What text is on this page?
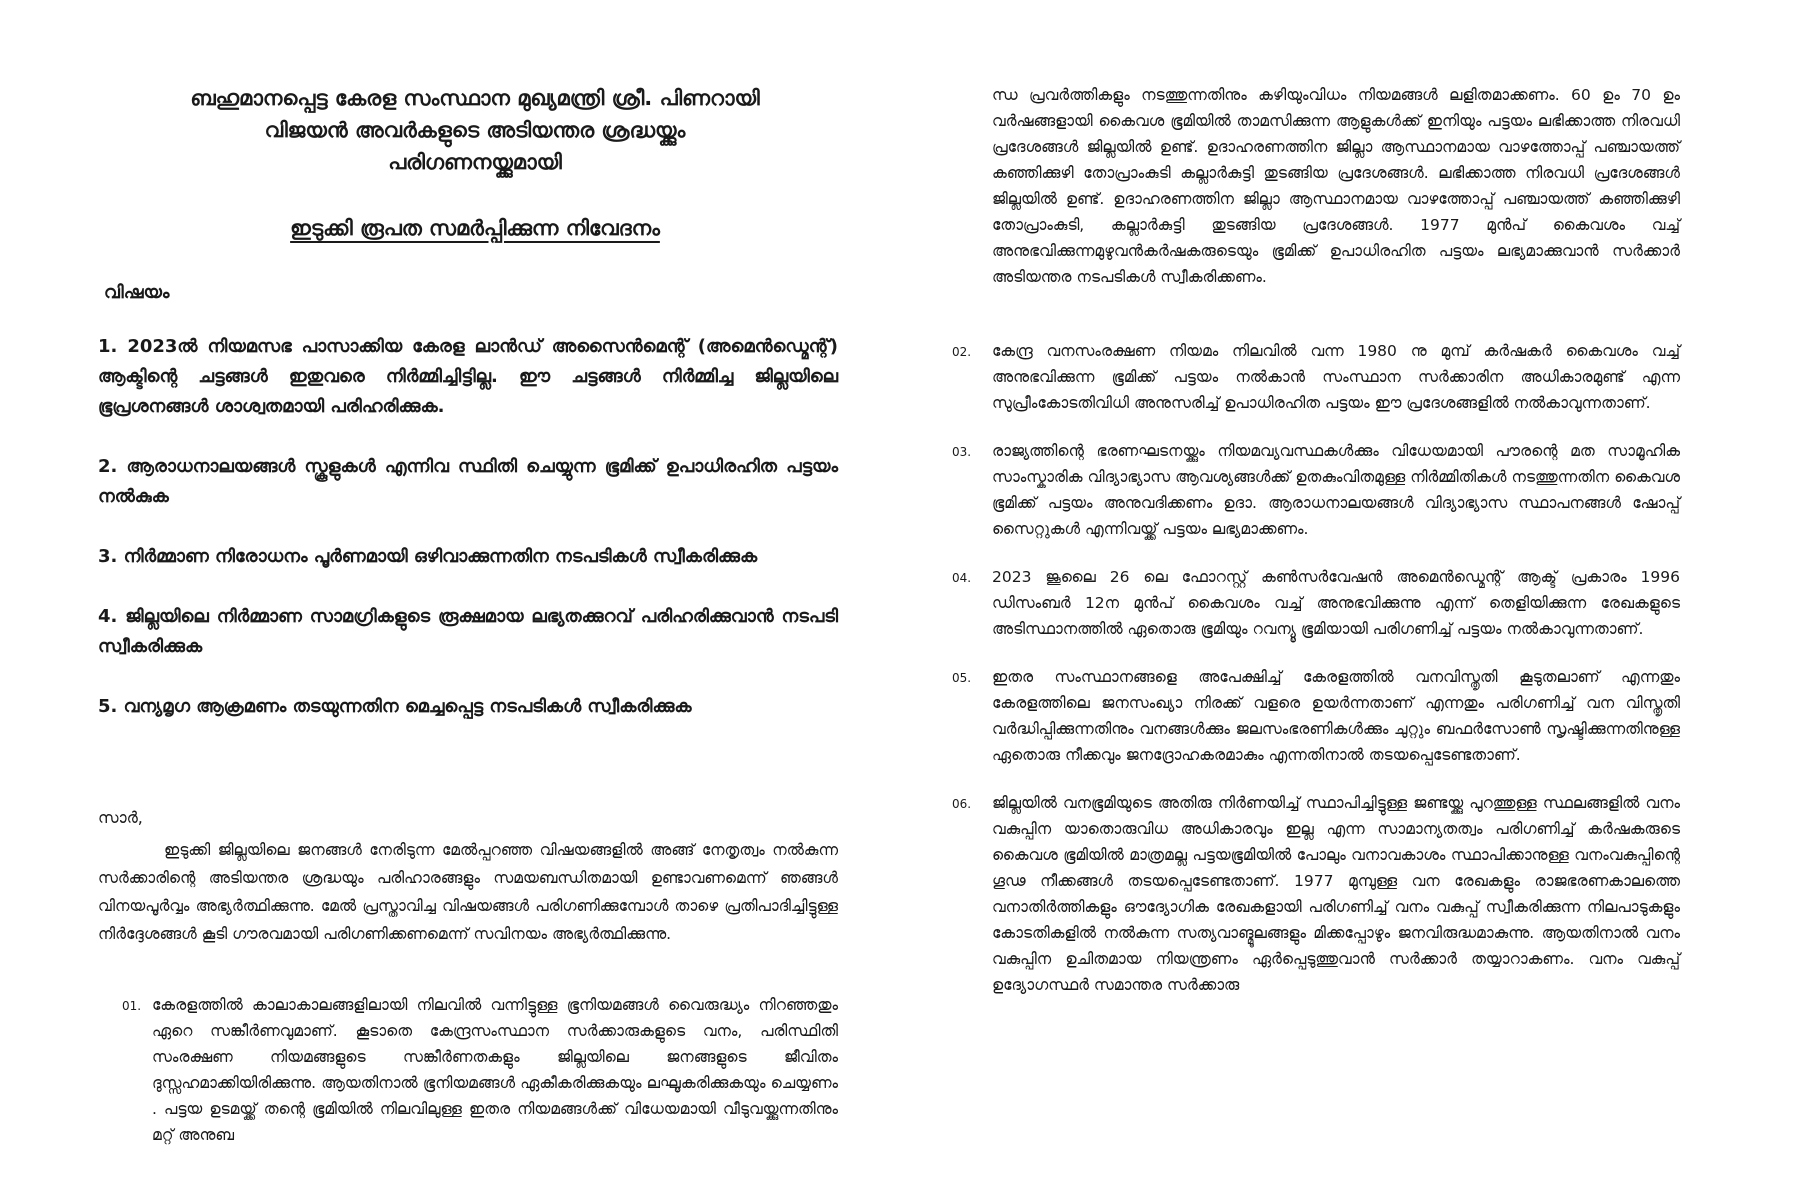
ബഹുമാനപ്പെട്ട കേരള സംസ്ഥാന മുഖ്യമന്ത്രി ശ്രീ. പിണറായി
വിജയൻ അവർകളുടെ അടിയന്തര ശ്രദ്ധയ്ക്കും
പരിഗണനയ്ക്കുമായി
ഇടുക്കി രൂപത സമർപ്പിക്കുന്ന നിവേദനം
വിഷയം
1. 2023ൽ നിയമസഭ പാസാക്കിയ കേരള ലാൻഡ് അസൈൻമെന്റ് (അമെൻഡ്മെന്റ്) ആക്ടിന്റെ ചട്ടങ്ങൾ ഇതുവരെ നിർമ്മിച്ചിട്ടില്ല. ഈ ചട്ടങ്ങൾ നിർമ്മിച്ച ജില്ലയിലെ ഭൂപ്രശനങ്ങൾ ശാശ്വതമായി പരിഹരിക്കുക.
2. ആരാധനാലയങ്ങൾ സ്കൂളുകൾ എന്നിവ സ്ഥിതി ചെയ്യുന്ന ഭൂമിക്ക് ഉപാധിരഹിത പട്ടയം നൽകുക
3. നിർമ്മാണ നിരോധനം പൂർണമായി ഒഴിവാക്കുന്നതിന നടപടികൾ സ്വീകരിക്കുക
4. ജില്ലയിലെ നിർമ്മാണ സാമഗ്രികളുടെ രൂക്ഷമായ ലഭ്യതക്കുറവ് പരിഹരിക്കുവാൻ നടപടി സ്വീകരിക്കുക
5. വന്യമൃഗ ആക്രമണം തടയുന്നതിന മെച്ചപ്പെട്ട നടപടികൾ സ്വീകരിക്കുക
സാർ,
ഇടുക്കി ജില്ലയിലെ ജനങ്ങൾ നേരിടുന്ന മേൽപ്പറഞ്ഞ വിഷയങ്ങളിൽ അങ്ങ് നേതൃത്വം നൽകുന്ന സർക്കാരിന്റെ അടിയന്തര ശ്രദ്ധയും പരിഹാരങ്ങളും സമയബന്ധിതമായി ഉണ്ടാവണമെന്ന് ഞങ്ങൾ വിനയപൂർവ്വം അഭ്യർത്ഥിക്കുന്നു. മേൽ പ്രസ്താവിച്ച വിഷയങ്ങൾ പരിഗണിക്കുമ്പോൾ താഴെ പ്രതിപാദിച്ചിട്ടുള്ള നിർദ്ദേശങ്ങൾ കൂടി ഗൗരവമായി പരിഗണിക്കണമെന്ന് സവിനയം അഭ്യർത്ഥിക്കുന്നു.
01. കേരളത്തിൽ കാലാകാലങ്ങളിലായി നിലവിൽ വന്നിട്ടുള്ള ഭൂനിയമങ്ങൾ വൈരുദ്ധ്യം നിറഞ്ഞതും ഏറെ സങ്കീർണവുമാണ്. കൂടാതെ കേന്ദ്രസംസ്ഥാന സർക്കാരുകളുടെ വനം, പരിസ്ഥിതി സംരക്ഷണ നിയമങ്ങളുടെ സങ്കീർണതകളും ജില്ലയിലെ ജനങ്ങളുടെ ജീവിതം ദുസ്സഹമാക്കിയിരിക്കുന്നു. ആയതിനാൽ ഭൂനിയമങ്ങൾ ഏകീകരിക്കുകയും ലഘൂകരിക്കുകയും ചെയ്യണം . പട്ടയ ഉടമയ്ക്ക് തന്റെ ഭൂമിയിൽ നിലവിലുള്ള ഇതര നിയമങ്ങൾക്ക് വിധേയമായി വീടുവയ്ക്കുന്നതിനും മറ്റ് അനുബ
ന്ധ പ്രവർത്തികളും നടത്തുന്നതിനും കഴിയുംവിധം നിയമങ്ങൾ ലളിതമാക്കണം. 60 ഉം 70 ഉം വർഷങ്ങളായി കൈവശ ഭൂമിയിൽ താമസിക്കുന്ന ആളുകൾക്ക് ഇനിയും പട്ടയം ലഭിക്കാത്ത നിരവധി പ്രദേശങ്ങൾ ജില്ലയിൽ ഉണ്ട്. ഉദാഹരണത്തിന ജില്ലാ ആസ്ഥാനമായ വാഴത്തോപ്പ് പഞ്ചായത്ത് കഞ്ഞിക്കുഴി തോപ്രാംകുടി കല്ലാർകുട്ടി തുടങ്ങിയ പ്രദേശങ്ങൾ. ലഭിക്കാത്ത നിരവധി പ്രദേശങ്ങൾ ജില്ലയിൽ ഉണ്ട്. ഉദാഹരണത്തിന ജില്ലാ ആസ്ഥാനമായ വാഴത്തോപ്പ് പഞ്ചായത്ത് കഞ്ഞിക്കുഴി തോപ്രാംകുടി, കല്ലാർകുട്ടി തുടങ്ങിയ പ്രദേശങ്ങൾ. 1977 മുൻപ് കൈവശം വച്ച് അനുഭവിക്കുന്നമുഴുവൻകർഷകരുടെയും ഭൂമിക്ക് ഉപാധിരഹിത പട്ടയം ലഭ്യമാക്കുവാൻ സർക്കാർ അടിയന്തര നടപടികൾ സ്വീകരിക്കണം.
02.	കേന്ദ്ര വനസംരക്ഷണ നിയമം നിലവിൽ വന്ന 1980 നു മുമ്പ് കർഷകർ കൈവശം വച്ച് അനുഭവിക്കുന്ന ഭൂമിക്ക് പട്ടയം നൽകാൻ സംസ്ഥാന സർക്കാരിന അധികാരമുണ്ട് എന്ന സുപ്രീംകോടതിവിധി അനുസരിച്ച് ഉപാധിരഹിത പട്ടയം ഈ പ്രദേശങ്ങളിൽ നൽകാവുന്നതാണ്.
03.	രാജ്യത്തിന്റെ ഭരണഘടനയ്ക്കും നിയമവ്യവസ്ഥകൾക്കും വിധേയമായി പൗരന്റെ മത സാമൂഹിക സാംസ്കാരിക വിദ്യാഭ്യാസ ആവശ്യങ്ങൾക്ക് ഉതകുംവിതമുള്ള നിർമ്മിതികൾ നടത്തുന്നതിന കൈവശ ഭൂമിക്ക് പട്ടയം അനുവദിക്കണം ഉദാ. ആരാധനാലയങ്ങൾ വിദ്യാഭ്യാസ സ്ഥാപനങ്ങൾ ഷോപ്പ് സൈറ്റുകൾ എന്നിവയ്ക്ക് പട്ടയം ലഭ്യമാക്കണം.
04.	2023 ജൂലൈ 26 ലെ ഫോറസ്റ്റ് കൺസർവേഷൻ അമെൻഡ്മെന്റ് ആക്ട് പ്രകാരം 1996 ഡിസംബർ 12ന മുൻപ് കൈവശം വച്ച് അനുഭവിക്കുന്നു എന്ന് തെളിയിക്കുന്ന രേഖകളുടെ അടിസ്ഥാനത്തിൽ ഏതൊരു ഭൂമിയും റവന്യൂ ഭൂമിയായി പരിഗണിച്ച് പട്ടയം നൽകാവുന്നതാണ്.
05.	ഇതര സംസ്ഥാനങ്ങളെ അപേക്ഷിച്ച് കേരളത്തിൽ വനവിസ്തൃതി കൂടുതലാണ് എന്നതും കേരളത്തിലെ ജനസംഖ്യാ നിരക്ക് വളരെ ഉയർന്നതാണ് എന്നതും പരിഗണിച്ച് വന വിസ്തൃതി വർദ്ധിപ്പിക്കുന്നതിനും വനങ്ങൾക്കും ജലസംഭരണികൾക്കും ചുറ്റും ബഫർസോൺ സൃഷ്ടിക്കുന്നതിനുള്ള ഏതൊരു നീക്കവും ജനദ്രോഹകരമാകും എന്നതിനാൽ തടയപ്പെടേണ്ടതാണ്.
06.	ജില്ലയിൽ വനഭൂമിയുടെ അതിരു നിർണയിച്ച് സ്ഥാപിച്ചിട്ടുള്ള ജണ്ടയ്ക്കു പുറത്തുള്ള സ്ഥലങ്ങളിൽ വനം വകുപ്പിന യാതൊരുവിധ അധികാരവും ഇല്ല എന്ന സാമാന്യതത്വം പരിഗണിച്ച് കർഷകരുടെ കൈവശ ഭൂമിയിൽ മാത്രമല്ല പട്ടയഭൂമിയിൽ പോലും വനാവകാശം സ്ഥാപിക്കാനുള്ള വനംവകുപ്പിന്റെ ഗൂഢ നീക്കങ്ങൾ തടയപ്പെടേണ്ടതാണ്. 1977 മുമ്പുള്ള വന രേഖകളും രാജഭരണകാലത്തെ വനാതിർത്തികളും ഔദ്യോഗിക രേഖകളായി പരിഗണിച്ച് വനം വകുപ്പ് സ്വീകരിക്കുന്ന നിലപാടുകളും കോടതികളിൽ നൽകുന്ന സത്യവാങ്മൂലങ്ങളും മിക്കപ്പോഴും ജനവിരുദ്ധമാകുന്നു. ആയതിനാൽ വനം വകുപ്പിന ഉചിതമായ നിയന്ത്രണം ഏർപ്പെടുത്തുവാൻ സർക്കാർ തയ്യാറാകണം. വനം വകുപ്പ് ഉദ്യോഗസ്ഥർ സമാന്തര സർക്കാരു
